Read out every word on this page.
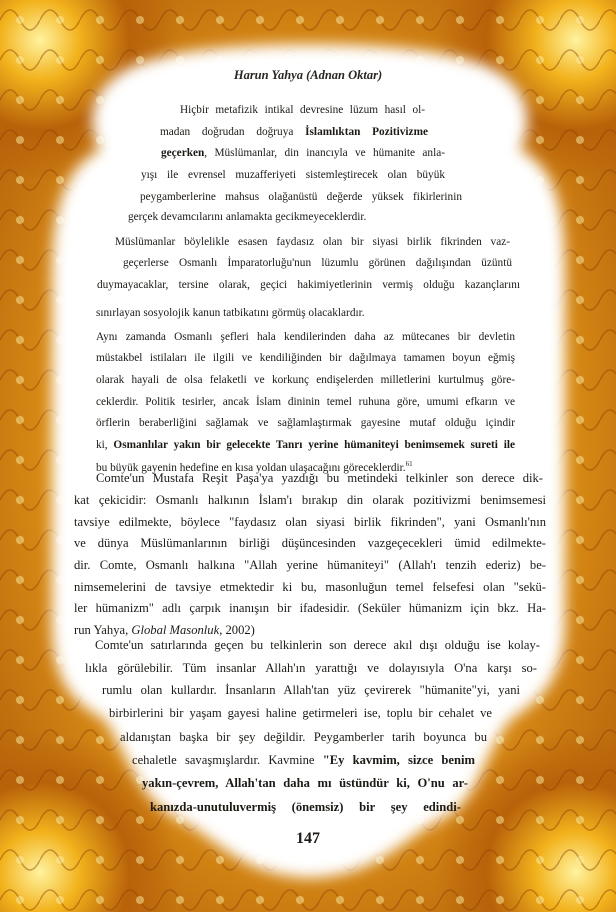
Harun Yahya (Adnan Oktar)
Hiçbir metafizik intikal devresine lüzum hasıl ol-
madan doğrudan doğruya İslamlıktan Pozitivizme
geçerken, Müslümanlar, din inancıyla ve hümanite anla-
yışı ile evrensel muzafferiyeti sistemleştirecek olan büyük
peygamberlerine mahsus olağanüstü değerde yüksek fikirlerinin
gerçek devamcılarını anlamakta gecikmeyeceklerdir.
Müslümanlar böylelikle esasen faydasız olan bir siyasi birlik fikrinden vaz-
geçerlerse Osmanlı İmparatorluğu'nun lüzumlu görünen dağılışından üzüntü
duymayacaklar, tersine olarak, geçici hakimiyetlerinin vermiş olduğu kazançlarını
sınırlayan sosyolojik kanun tatbikatını görmüş olacaklardır.
Aynı zamanda Osmanlı şefleri hala kendilerinden daha az mütecanes bir devletin
müstakbel istilaları ile ilgili ve kendiliğinden bir dağılmaya tamamen boyun eğmiş
olarak hayali de olsa felaketli ve korkunç endişelerden milletlerini kurtulmuş göre-
ceklerdir. Politik tesirler, ancak İslam dininin temel ruhuna göre, umumi efkarın ve
örflerin beraberliğini sağlamak ve sağlamlaştırmak gayesine mutaf olduğu içindir
ki, Osmanlılar yakın bir gelecekte Tanrı yerine hümaniteyi benimsemek sureti ile
bu büyük gayenin hedefine en kısa yoldan ulaşacağını göreceklerdir.$^{61}$
Comte'un Mustafa Reşit Paşa'ya yazdığı bu metindeki telkinler son derece dik-
kat çekicidir: Osmanlı halkının İslam'ı bırakıp din olarak pozitivizmi benimsemesi
tavsiye edilmekte, böylece "faydasız olan siyasi birlik fikrinden", yani Osmanlı'nın
ve dünya Müslümanlarının birliği düşüncesinden vazgeçecekleri ümid edilmekte-
dir. Comte, Osmanlı halkına "Allah yerine hümaniteyi" (Allah'ı tenzih ederiz) be-
nimsemelerini de tavsiye etmektedir ki bu, masonluğun temel felsefesi olan "sekü-
ler hümanizm" adlı çarpık inanışın bir ifadesidir. (Seküler hümanizm için bkz. Ha-
run Yahya, Global Masonluk, 2002)
Comte'un satırlarında geçen bu telkinlerin son derece akıl dışı olduğu ise kolay-
lıkla görülebilir. Tüm insanlar Allah'ın yarattığı ve dolayısıyla O'na karşı so-
rumlu olan kullardır. İnsanların Allah'tan yüz çevirerek "hümanite"yi, yani
birbirlerini bir yaşam gayesi haline getirmeleri ise, toplu bir cehalet ve
aldanıştan başka bir şey değildir. Peygamberler tarih boyunca bu
cehaletle savaşmışlardır. Kavmine "Ey kavmim, sizce benim
yakın-çevrem, Allah'tan daha mı üstündür ki, O'nu ar-
kanızda-unutuluvermiş (önemsiz) bir şey edindi-
147
